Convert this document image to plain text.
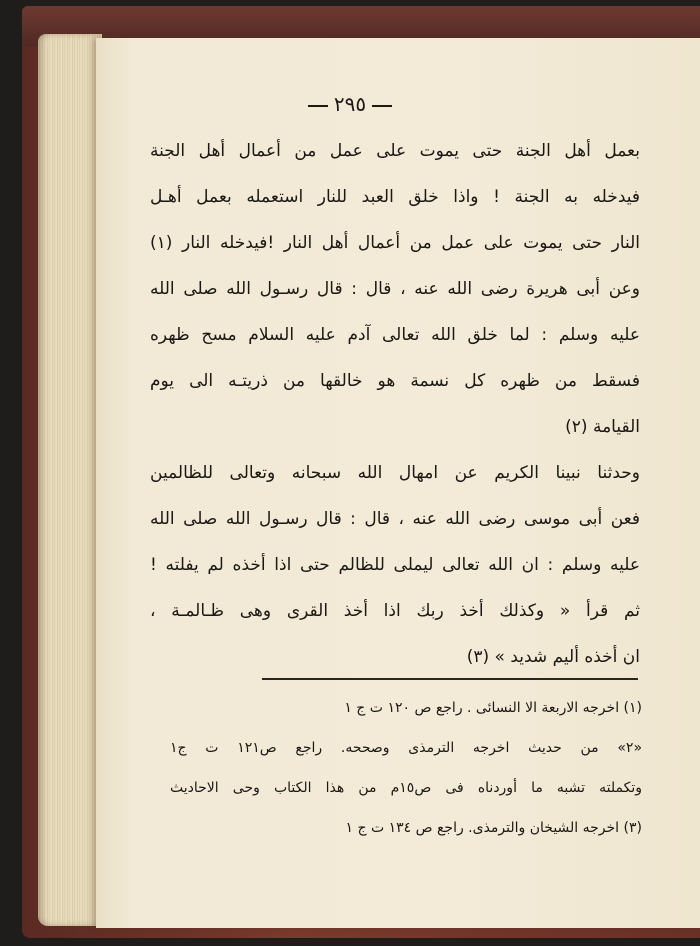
٢٩٥
بعمل أهل الجنة حتى يموت على عمل من أعمال أهل الجنة
فيدخله به الجنة ! واذا خلق العبد للنار استعمله بعمل أهـل
النار حتى يموت على عمل من أعمال أهل النار !فيدخله النار (١)
وعن أبى هريرة رضى الله عنه ، قال : قال رسـول الله صلى الله
عليه وسلم : لما خلق الله تعالى آدم عليه السلام مسح ظهره
فسقط من ظهره كل نسمة هو خالقها من ذريتـه الى يوم
القيامة (٢)
وحدثنا نبينا الكريم عن امهال الله سبحانه وتعالى للظالمين
فعن أبى موسى رضى الله عنه ، قال : قال رسـول الله صلى الله
عليه وسلم : ان الله تعالى ليملى للظالم حتى اذا أخذه لم يفلته !
ثم قرأ « وكذلك أخذ ربك اذا أخذ القرى وهى ظـالمـة ،
ان أخذه أليم شديد » (٣)
(١) اخرجه الاربعة الا النسائى . راجع ص ١٢٠ ت ج ١
«٢» من حديث اخرجه الترمذى وصححه. راجع ص١٢١ ت ج١
وتكملته تشبه ما أوردناه فى ص١٥م من هذا الكتاب وحى الاحاديث
(٣) اخرجه الشيخان والترمذى. راجع ص ١٣٤ ت ج ١
